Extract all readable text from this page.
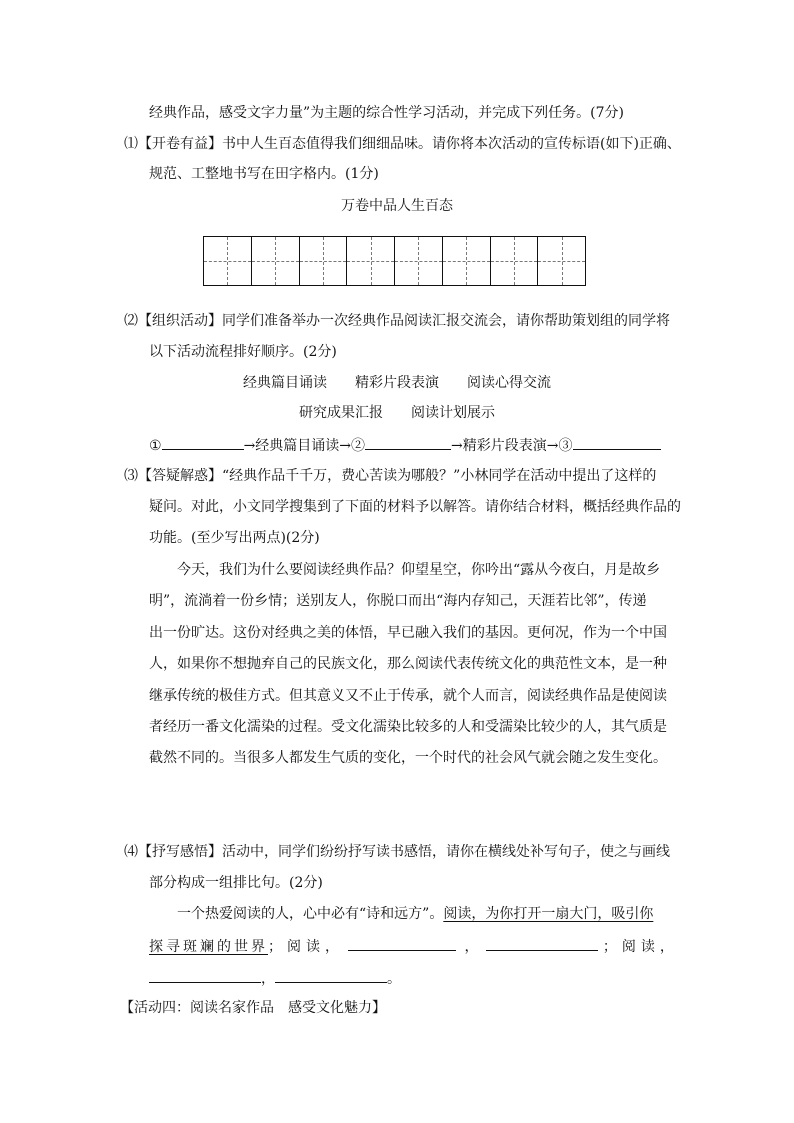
经典作品，感受文字力量”为主题的综合性学习活动，并完成下列任务。(7分)
⑴【开卷有益】书中人生百态值得我们细细品味。请你将本次活动的宣传标语(如下)正确、
规范、工整地书写在田字格内。(1分)
万卷中品人生百态
⑵【组织活动】同学们准备举办一次经典作品阅读汇报交流会，请你帮助策划组的同学将
以下活动流程排好顺序。(2分)
经典篇目诵读　　精彩片段表演　　阅读心得交流
研究成果汇报　　阅读计划展示
①	→经典篇目诵读→②	→精彩片段表演→③
⑶【答疑解惑】“经典作品千千万，费心苦读为哪般？”小林同学在活动中提出了这样的
疑问。对此，小文同学搜集到了下面的材料予以解答。请你结合材料，概括经典作品的
功能。(至少写出两点)(2分)
今天，我们为什么要阅读经典作品？仰望星空，你吟出“露从今夜白，月是故乡
明”，流淌着一份乡情；送别友人，你脱口而出“海内存知己，天涯若比邻”，传递
出一份旷达。这份对经典之美的体悟，早已融入我们的基因。更何况，作为一个中国
人，如果你不想抛弃自己的民族文化，那么阅读代表传统文化的典范性文本，是一种
继承传统的极佳方式。但其意义又不止于传承，就个人而言，阅读经典作品是使阅读
者经历一番文化濡染的过程。受文化濡染比较多的人和受濡染比较少的人，其气质是
截然不同的。当很多人都发生气质的变化，一个时代的社会风气就会随之发生变化。
⑷【抒写感悟】活动中，同学们纷纷抒写读书感悟，请你在横线处补写句子，使之与画线
部分构成一组排比句。(2分)
一个热爱阅读的人，心中必有“诗和远方”。阅读，为你打开一扇大门，吸引你
探寻斑斓的世界；阅读，	，	；阅读，
，	。
【活动四：阅读名家作品　感受文化魅力】
